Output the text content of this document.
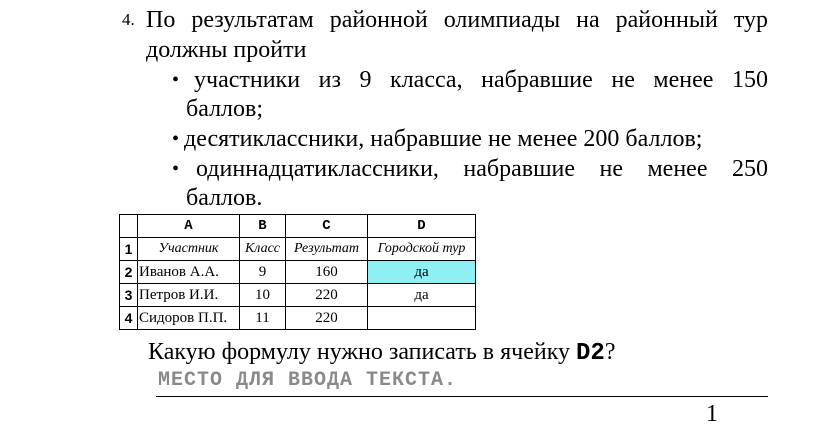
4. По результатам районной олимпиады на районный тур
должны пройти
• участники из 9 класса, набравшие не менее 150
баллов;
• десятиклассники, набравшие не менее 200 баллов;
• одиннадцатиклассники, набравшие не менее 250
баллов.
	A	B	C	D
1	Участник	Класс	Результат	Городской тур
2	Иванов А.А.	9	160	да
3	Петров И.И.	10	220	да
4	Сидоров П.П.	11	220	
Какую формулу нужно записать в ячейку D2?
МЕСТО ДЛЯ ВВОДА ТЕКСТА.
1
